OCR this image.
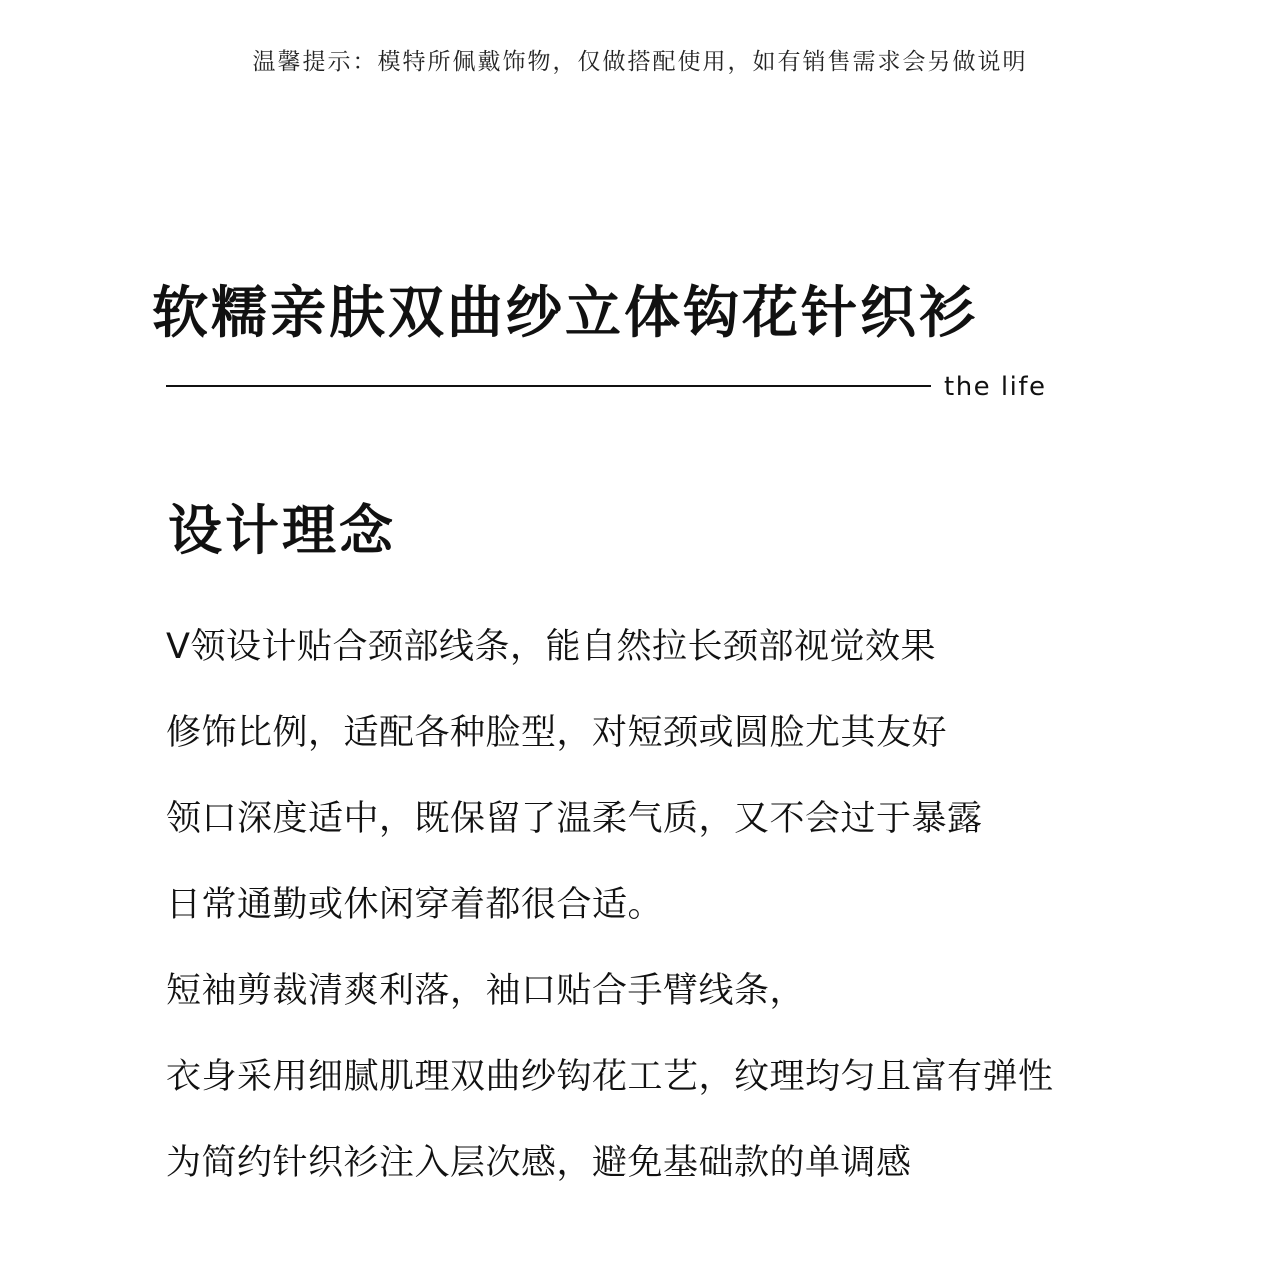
温馨提示：模特所佩戴饰物，仅做搭配使用，如有销售需求会另做说明
软糯亲肤双曲纱立体钩花针织衫
the life
设计理念
V领设计贴合颈部线条，能自然拉长颈部视觉效果
修饰比例，适配各种脸型，对短颈或圆脸尤其友好
领口深度适中，既保留了温柔气质，又不会过于暴露
日常通勤或休闲穿着都很合适。
短袖剪裁清爽利落，袖口贴合手臂线条，
衣身采用细腻肌理双曲纱钩花工艺，纹理均匀且富有弹性
为简约针织衫注入层次感，避免基础款的单调感
